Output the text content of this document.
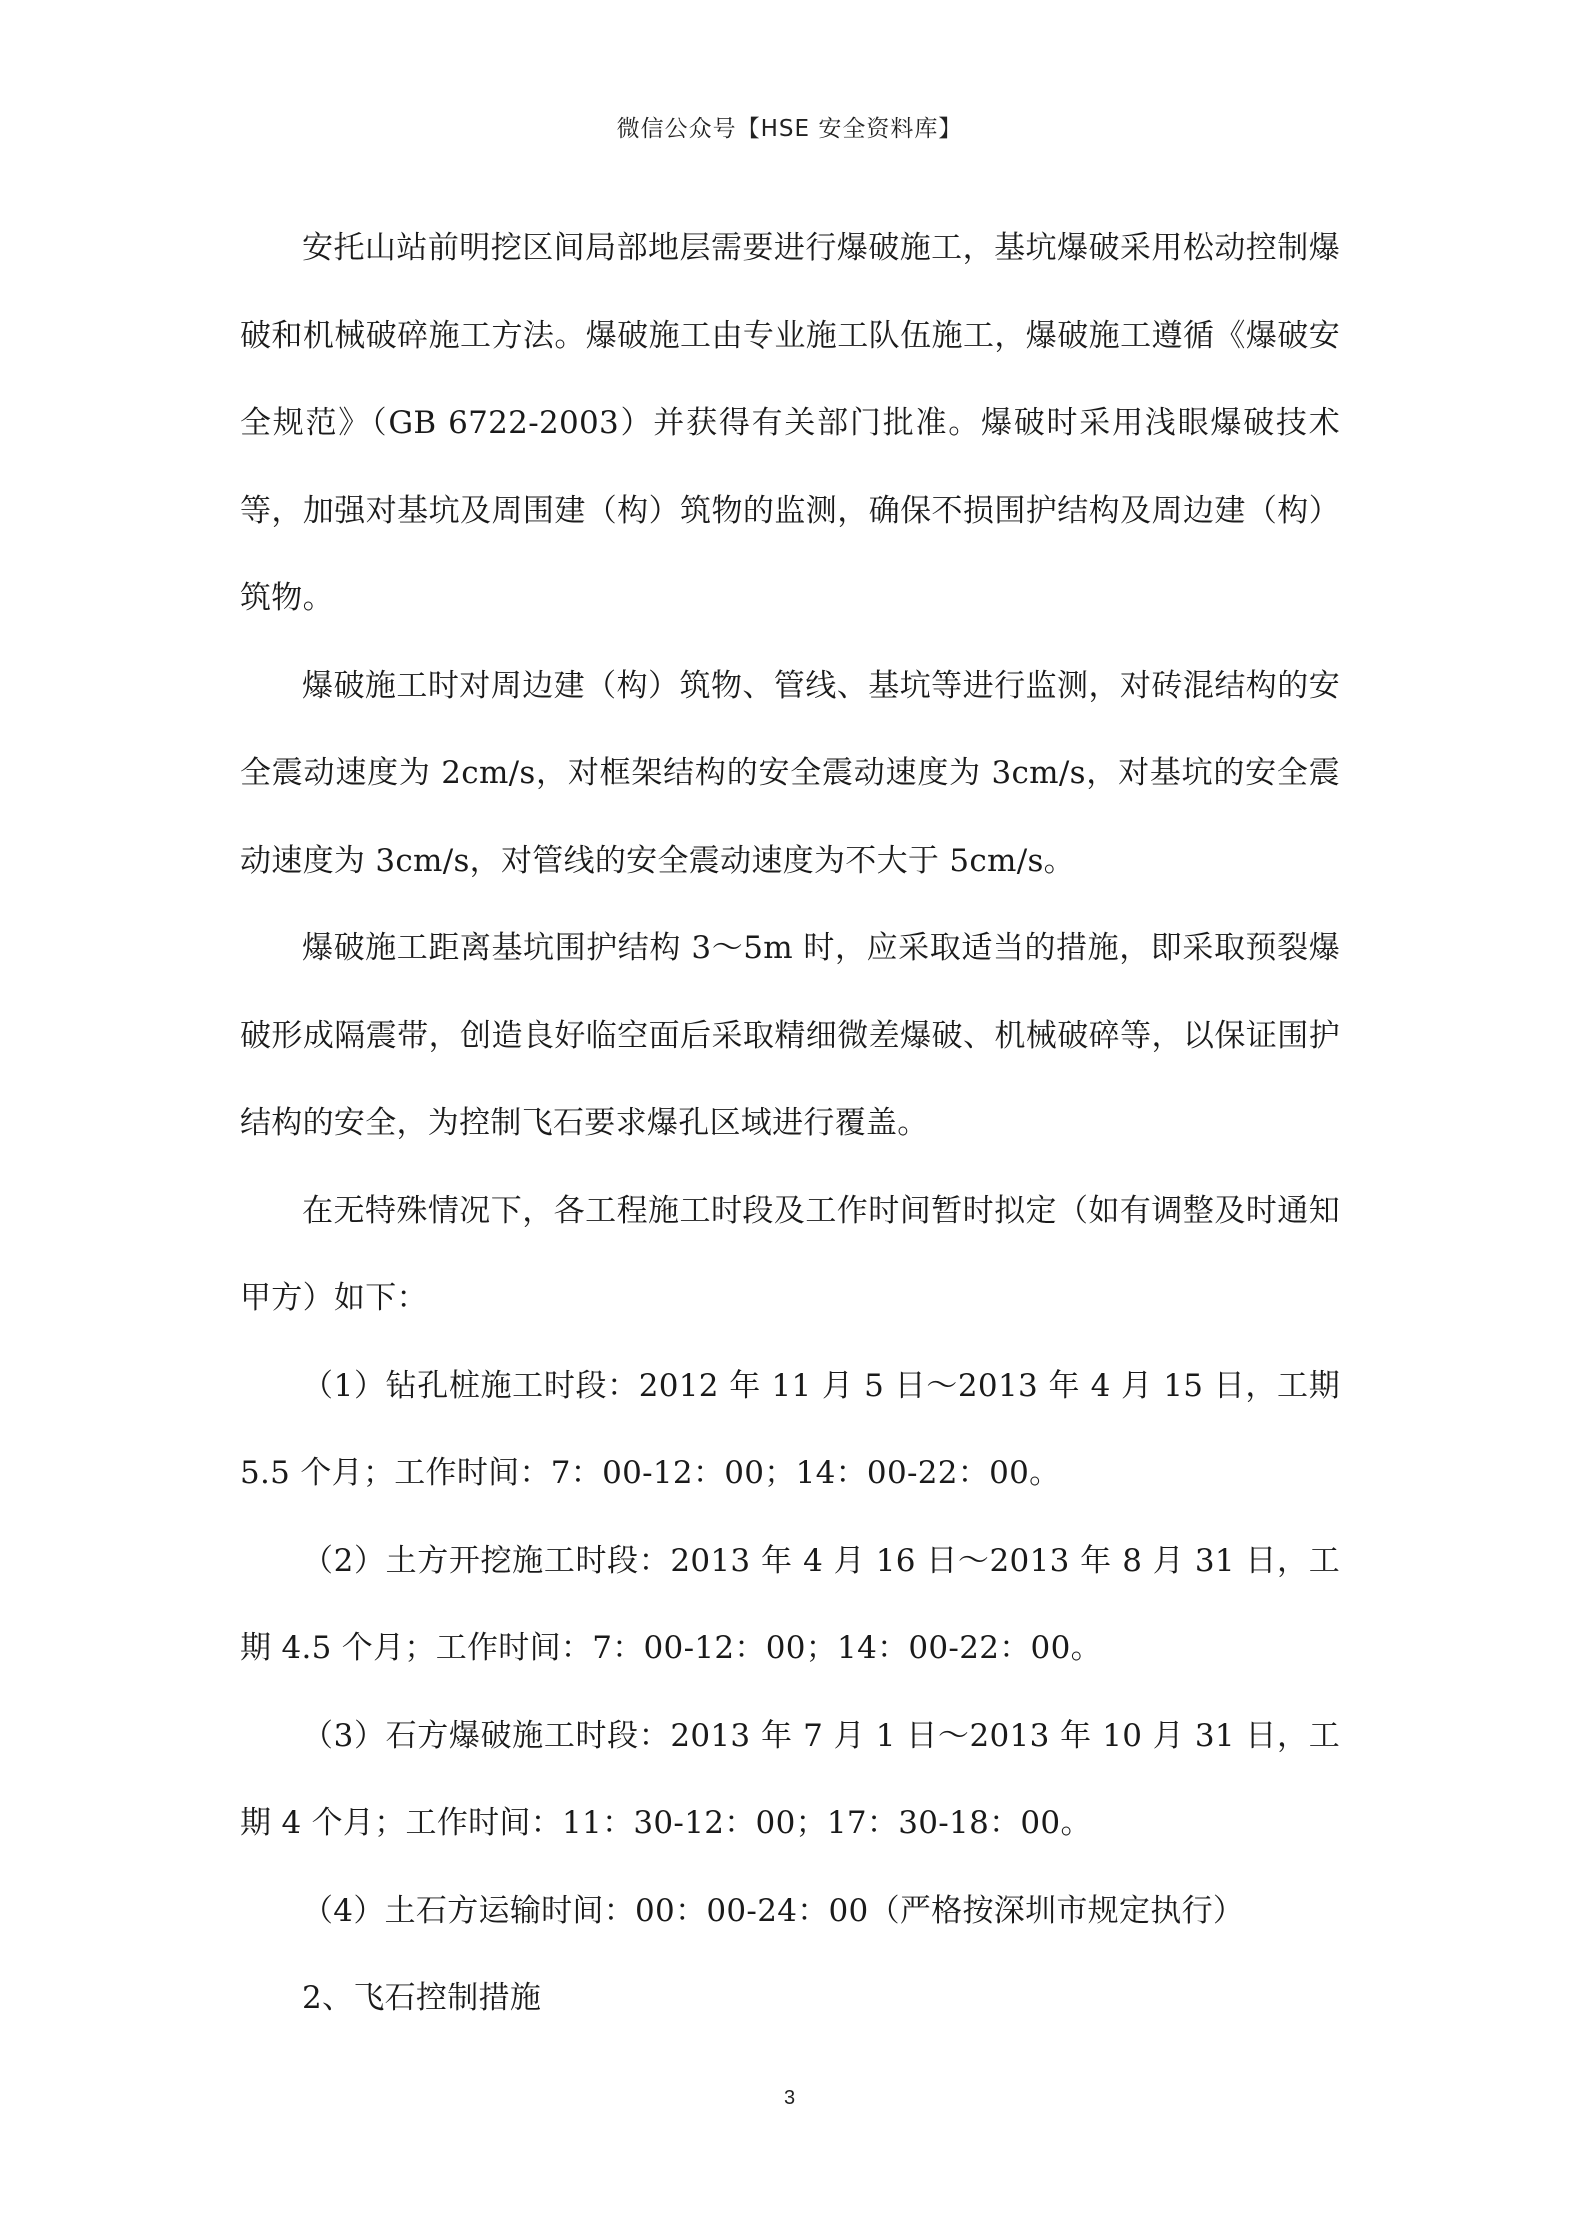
微信公众号【HSE 安全资料库】

安托山站前明挖区间局部地层需要进行爆破施工，基坑爆破采用松动控制爆破和机械破碎施工方法。爆破施工由专业施工队伍施工，爆破施工遵循《爆破安全规范》（GB 6722-2003）并获得有关部门批准。爆破时采用浅眼爆破技术等，加强对基坑及周围建（构）筑物的监测，确保不损围护结构及周边建（构）筑物。

爆破施工时对周边建（构）筑物、管线、基坑等进行监测，对砖混结构的安全震动速度为 2cm/s，对框架结构的安全震动速度为 3cm/s，对基坑的安全震动速度为 3cm/s，对管线的安全震动速度为不大于 5cm/s。

爆破施工距离基坑围护结构 3～5m 时，应采取适当的措施，即采取预裂爆破形成隔震带，创造良好临空面后采取精细微差爆破、机械破碎等，以保证围护结构的安全，为控制飞石要求爆孔区域进行覆盖。

在无特殊情况下，各工程施工时段及工作时间暂时拟定（如有调整及时通知甲方）如下：

（1）钻孔桩施工时段：2012 年 11 月 5 日～2013 年 4 月 15 日，工期 5.5 个月；工作时间：7：00-12：00；14：00-22：00。

（2）土方开挖施工时段：2013 年 4 月 16 日～2013 年 8 月 31 日，工期 4.5 个月；工作时间：7：00-12：00；14：00-22：00。

（3）石方爆破施工时段：2013 年 7 月 1 日～2013 年 10 月 31 日，工期 4 个月；工作时间：11：30-12：00；17：30-18：00。

（4）土石方运输时间：00：00-24：00（严格按深圳市规定执行）

2、飞石控制措施

3
